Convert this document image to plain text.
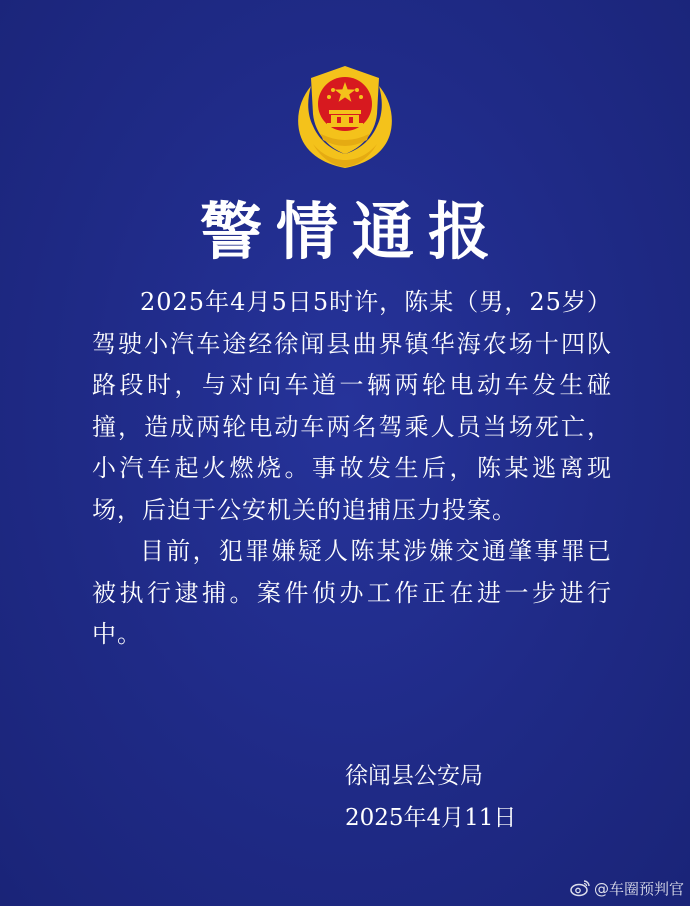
警情通报

2025年4月5日5时许，陈某（男，25岁）驾驶小汽车途经徐闻县曲界镇华海农场十四队路段时，与对向车道一辆两轮电动车发生碰撞，造成两轮电动车两名驾乘人员当场死亡，小汽车起火燃烧。事故发生后，陈某逃离现场，后迫于公安机关的追捕压力投案。

目前，犯罪嫌疑人陈某涉嫌交通肇事罪已被执行逮捕。案件侦办工作正在进一步进行中。

徐闻县公安局
2025年4月11日
@车圈预判官
